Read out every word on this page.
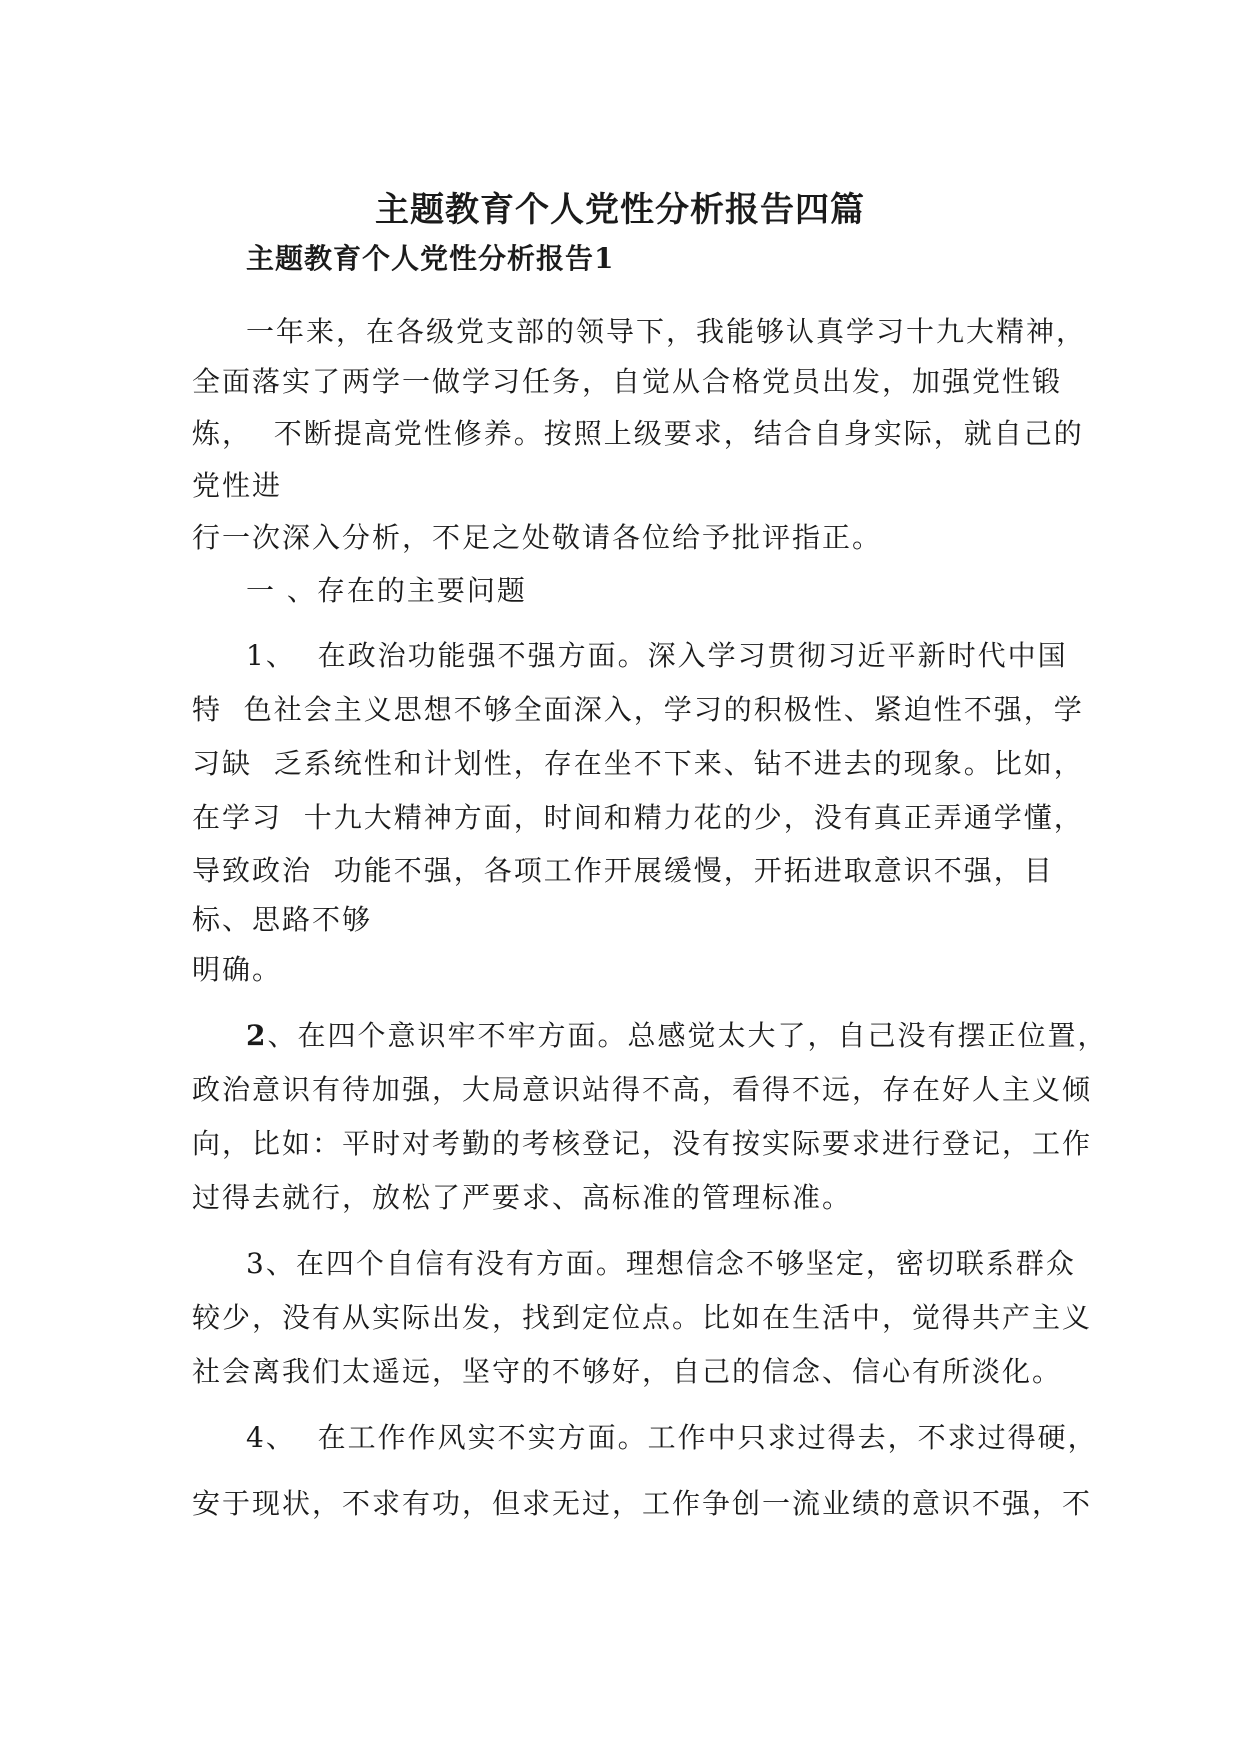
主题教育个人党性分析报告四篇
主题教育个人党性分析报告1
一年来，在各级党支部的领导下，我能够认真学习十九大精神，
全面落实了两学一做学习任务，自觉从合格党员出发，加强党性锻
炼，  不断提高党性修养。按照上级要求，结合自身实际，就自己的
党性进
行一次深入分析，不足之处敬请各位给予批评指正。
一 、存在的主要问题
1、  在政治功能强不强方面。深入学习贯彻习近平新时代中国
特  色社会主义思想不够全面深入，学习的积极性、紧迫性不强，学
习缺  乏系统性和计划性，存在坐不下来、钻不进去的现象。比如，
在学习  十九大精神方面，时间和精力花的少，没有真正弄通学懂，
导致政治  功能不强，各项工作开展缓慢，开拓进取意识不强，目
标、思路不够
明确。
2、在四个意识牢不牢方面。总感觉太大了，自己没有摆正位置，
政治意识有待加强，大局意识站得不高，看得不远，存在好人主义倾
向，比如：平时对考勤的考核登记，没有按实际要求进行登记，工作
过得去就行，放松了严要求、高标准的管理标准。
3、在四个自信有没有方面。理想信念不够坚定，密切联系群众
较少，没有从实际出发，找到定位点。比如在生活中，觉得共产主义
社会离我们太遥远，坚守的不够好，自己的信念、信心有所淡化。
4、  在工作作风实不实方面。工作中只求过得去，不求过得硬，
安于现状，不求有功，但求无过，工作争创一流业绩的意识不强，不
